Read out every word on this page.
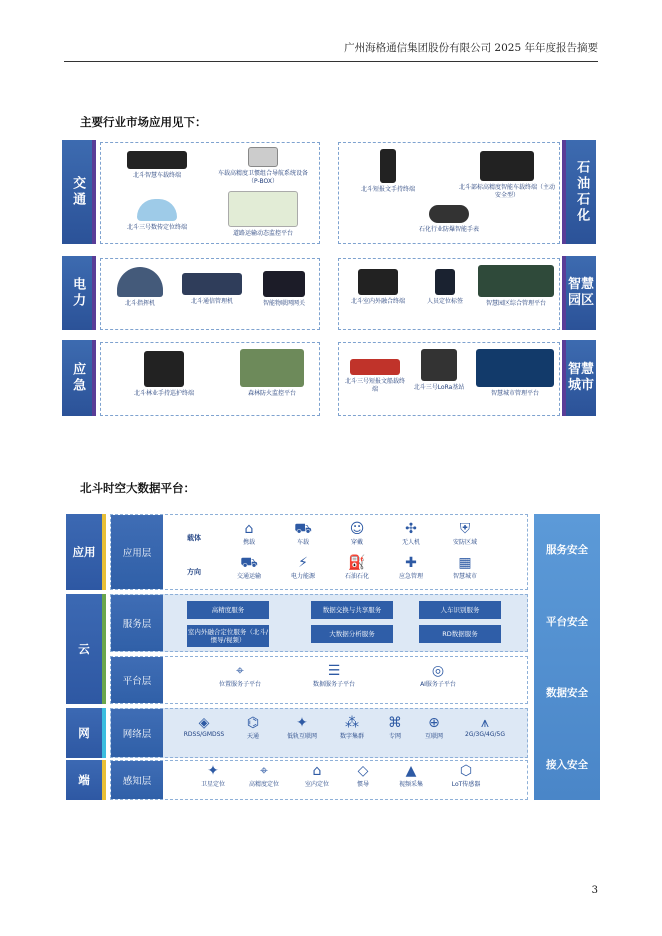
广州海格通信集团股份有限公司 2025 年年度报告摘要
主要行业市场应用见下：
交通
北斗智慧车载终端	车载高精度卫惯组合导航系统设备（P-BOX）
北斗三号数传定位终端
道路运输动态监控平台
北斗短报文手持终端	北斗部标高精度智能车载终端（主动安全型）
石化行业防爆智能手表
石油石化
电力	北斗指挥机	北斗通信管理机	智能物联网网关	北斗室内外融合终端	人员定位标签	智慧园区综合管理平台
智慧园区
应急	北斗林业手持巡护终端	森林防火监控平台
北斗三号短报文船载终端	北斗三号LoRa基站
智慧城市管理平台
智慧城市
北斗时空大数据平台：
应用
云
网
端
应用层
载体
方向
⌂
携载
⛟
车载
☺
穿戴
✣
无人机
⛨
安防区域
⛟
交通运输
⚡
电力能源
⛽
石油石化
✚
应急管理
▦
智慧城市
服务层
高精度服务
室内外融合定位服务（北斗/惯导/视频）
数据交换与共享服务
大数据分析服务
人车识别服务
RD数据服务
平台层
⌖
位置服务子平台
☰
数据服务子平台
◎
AI服务子平台
网络层
◈
RDSS/GMDSS
⌬
天通
✦
低轨互联网
⁂
数字集群
⌘
专网
⊕
互联网
⩚
2G/3G/4G/5G
感知层
✦
卫星定位
⌖
高精度定位
⌂
室内定位
◇
惯导
▲
视频采集
⬡
LoT传感器
服务安全
平台安全
数据安全
接入安全
3
